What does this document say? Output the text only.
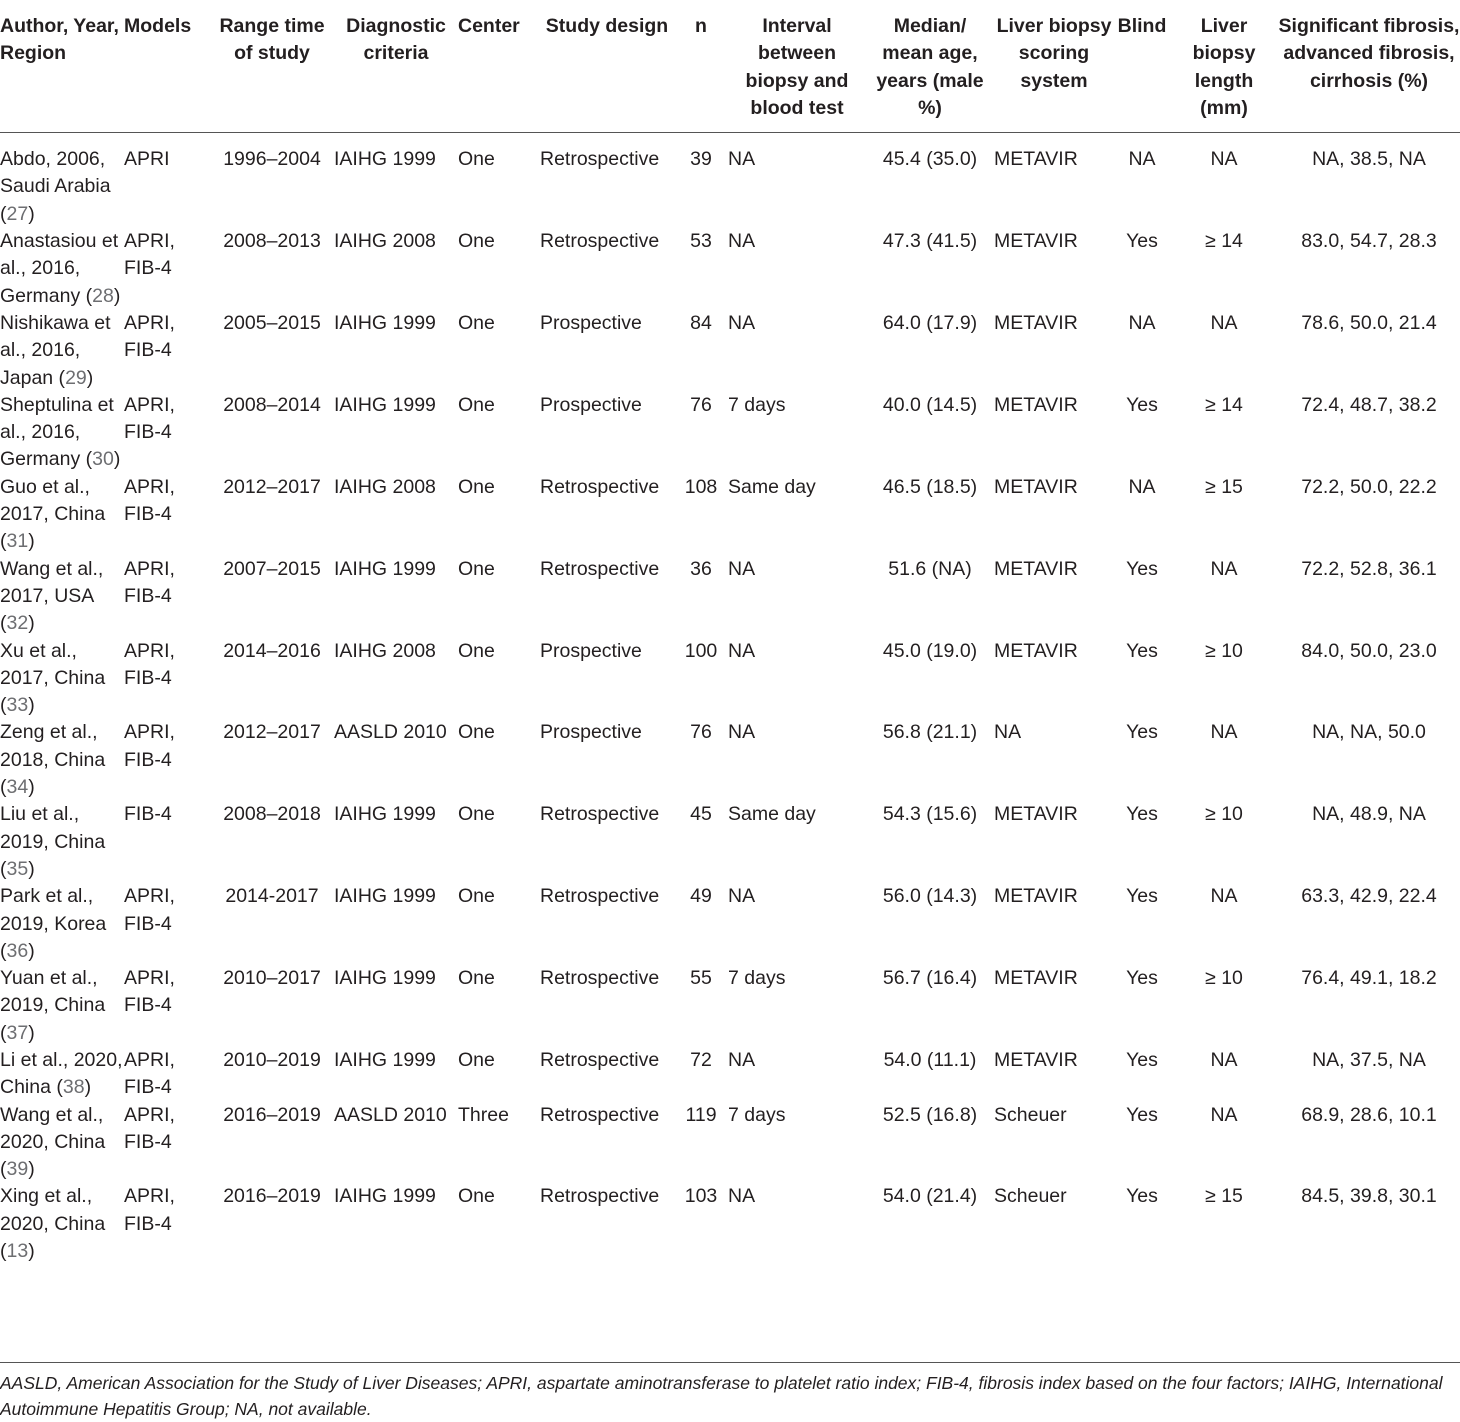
Author, Year, Region	Models	Range time of study	Diagnostic criteria	Center	Study design	n	Interval between biopsy and blood test	Median/ mean age, years (male %)	Liver biopsy scoring system	Blind	Liver biopsy length (mm)	Significant fibrosis, advanced fibrosis, cirrhosis (%)
Abdo, 2006, Saudi Arabia (27)	APRI	1996–2004	IAIHG 1999	One	Retrospective	39	NA	45.4 (35.0)	METAVIR	NA	NA	NA, 38.5, NA
Anastasiou et al., 2016, Germany (28)	APRI, FIB-4	2008–2013	IAIHG 2008	One	Retrospective	53	NA	47.3 (41.5)	METAVIR	Yes	≥ 14	83.0, 54.7, 28.3
Nishikawa et al., 2016, Japan (29)	APRI, FIB-4	2005–2015	IAIHG 1999	One	Prospective	84	NA	64.0 (17.9)	METAVIR	NA	NA	78.6, 50.0, 21.4
Sheptulina et al., 2016, Germany (30)	APRI, FIB-4	2008–2014	IAIHG 1999	One	Prospective	76	7 days	40.0 (14.5)	METAVIR	Yes	≥ 14	72.4, 48.7, 38.2
Guo et al., 2017, China (31)	APRI, FIB-4	2012–2017	IAIHG 2008	One	Retrospective	108	Same day	46.5 (18.5)	METAVIR	NA	≥ 15	72.2, 50.0, 22.2
Wang et al., 2017, USA (32)	APRI, FIB-4	2007–2015	IAIHG 1999	One	Retrospective	36	NA	51.6 (NA)	METAVIR	Yes	NA	72.2, 52.8, 36.1
Xu et al., 2017, China (33)	APRI, FIB-4	2014–2016	IAIHG 2008	One	Prospective	100	NA	45.0 (19.0)	METAVIR	Yes	≥ 10	84.0, 50.0, 23.0
Zeng et al., 2018, China (34)	APRI, FIB-4	2012–2017	AASLD 2010	One	Prospective	76	NA	56.8 (21.1)	NA	Yes	NA	NA, NA, 50.0
Liu et al., 2019, China (35)	FIB-4	2008–2018	IAIHG 1999	One	Retrospective	45	Same day	54.3 (15.6)	METAVIR	Yes	≥ 10	NA, 48.9, NA
Park et al., 2019, Korea (36)	APRI, FIB-4	2014-2017	IAIHG 1999	One	Retrospective	49	NA	56.0 (14.3)	METAVIR	Yes	NA	63.3, 42.9, 22.4
Yuan et al., 2019, China (37)	APRI, FIB-4	2010–2017	IAIHG 1999	One	Retrospective	55	7 days	56.7 (16.4)	METAVIR	Yes	≥ 10	76.4, 49.1, 18.2
Li et al., 2020, China (38)	APRI, FIB-4	2010–2019	IAIHG 1999	One	Retrospective	72	NA	54.0 (11.1)	METAVIR	Yes	NA	NA, 37.5, NA
Wang et al., 2020, China (39)	APRI, FIB-4	2016–2019	AASLD 2010	Three	Retrospective	119	7 days	52.5 (16.8)	Scheuer	Yes	NA	68.9, 28.6, 10.1
Xing et al., 2020, China (13)	APRI, FIB-4	2016–2019	IAIHG 1999	One	Retrospective	103	NA	54.0 (21.4)	Scheuer	Yes	≥ 15	84.5, 39.8, 30.1
AASLD, American Association for the Study of Liver Diseases; APRI, aspartate aminotransferase to platelet ratio index; FIB-4, fibrosis index based on the four factors; IAIHG, International Autoimmune Hepatitis Group; NA, not available.
